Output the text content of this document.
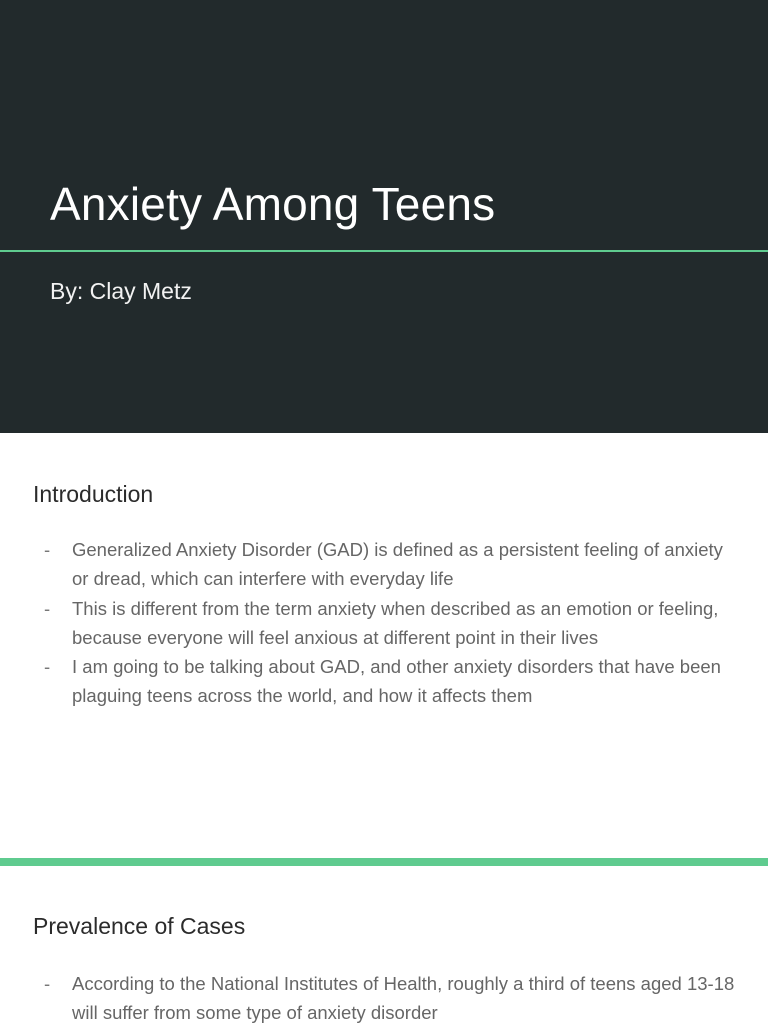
Anxiety Among Teens

By: Clay Metz

Introduction
- Generalized Anxiety Disorder (GAD) is defined as a persistent feeling of anxiety or dread, which can interfere with everyday life
- This is different from the term anxiety when described as an emotion or feeling, because everyone will feel anxious at different point in their lives
- I am going to be talking about GAD, and other anxiety disorders that have been plaguing teens across the world, and how it affects them
Prevalence of Cases
- According to the National Institutes of Health, roughly a third of teens aged 13-18 will suffer from some type of anxiety disorder
